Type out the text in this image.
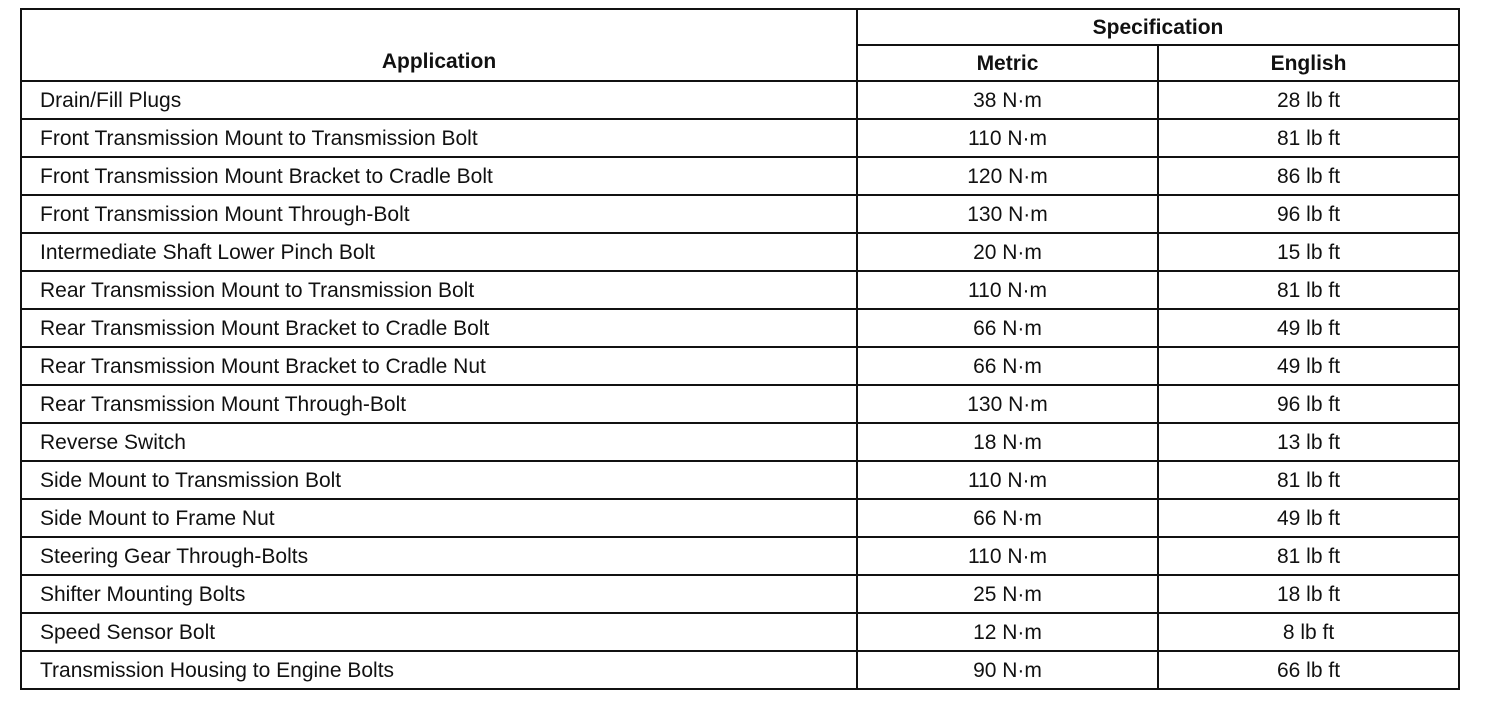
Application	Specification	
	Metric	English
Drain/Fill Plugs	38 N·m	28 lb ft
Front Transmission Mount to Transmission Bolt	110 N·m	81 lb ft
Front Transmission Mount Bracket to Cradle Bolt	120 N·m	86 lb ft
Front Transmission Mount Through-Bolt	130 N·m	96 lb ft
Intermediate Shaft Lower Pinch Bolt	20 N·m	15 lb ft
Rear Transmission Mount to Transmission Bolt	110 N·m	81 lb ft
Rear Transmission Mount Bracket to Cradle Bolt	66 N·m	49 lb ft
Rear Transmission Mount Bracket to Cradle Nut	66 N·m	49 lb ft
Rear Transmission Mount Through-Bolt	130 N·m	96 lb ft
Reverse Switch	18 N·m	13 lb ft
Side Mount to Transmission Bolt	110 N·m	81 lb ft
Side Mount to Frame Nut	66 N·m	49 lb ft
Steering Gear Through-Bolts	110 N·m	81 lb ft
Shifter Mounting Bolts	25 N·m	18 lb ft
Speed Sensor Bolt	12 N·m	8 lb ft
Transmission Housing to Engine Bolts	90 N·m	66 lb ft
